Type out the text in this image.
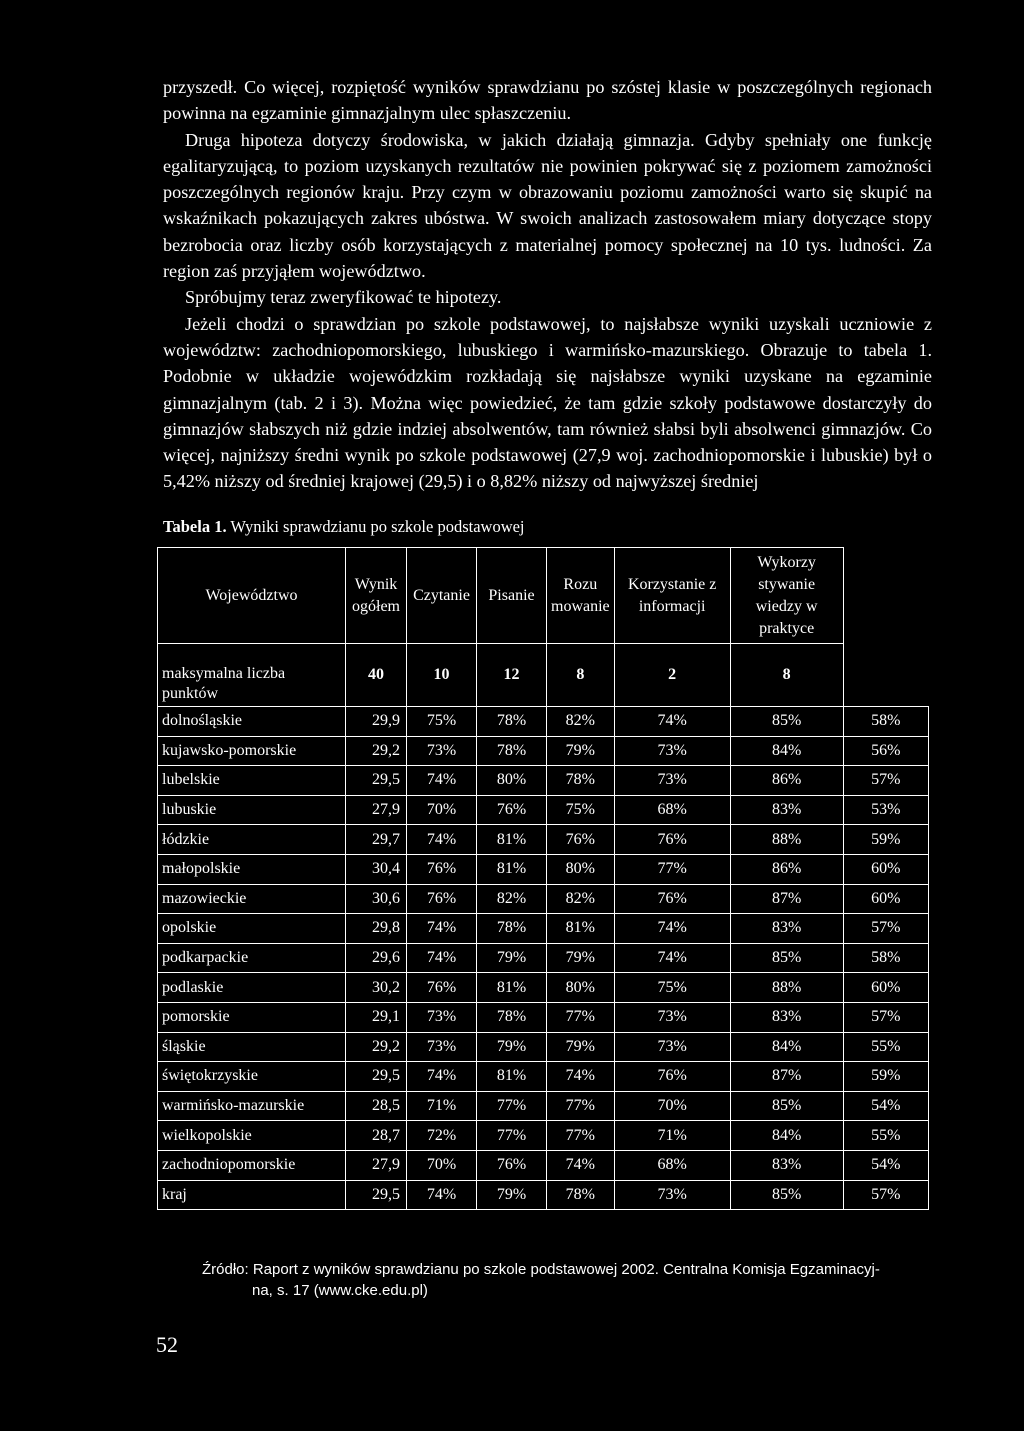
przyszedł. Co więcej, rozpiętość wyników sprawdzianu po szóstej klasie w poszczególnych regionach powinna na egzaminie gimnazjalnym ulec spłaszczeniu.

Druga hipoteza dotyczy środowiska, w jakich działają gimnazja. Gdyby spełniały one funkcję egalitaryzującą, to poziom uzyskanych rezultatów nie powinien pokrywać się z poziomem zamożności poszczególnych regionów kraju. Przy czym w obrazowaniu poziomu zamożności warto się skupić na wskaźnikach pokazujących zakres ubóstwa. W swoich analizach zastosowałem miary dotyczące stopy bezrobocia oraz liczby osób korzystających z materialnej pomocy społecznej na 10 tys. ludności. Za region zaś przyjąłem województwo.

Spróbujmy teraz zweryfikować te hipotezy.

Jeżeli chodzi o sprawdzian po szkole podstawowej, to najsłabsze wyniki uzyskali uczniowie z województw: zachodniopomorskiego, lubuskiego i warmińsko-mazurskiego. Obrazuje to tabela 1. Podobnie w układzie wojewódzkim rozkładają się najsłabsze wyniki uzyskane na egzaminie gimnazjalnym (tab. 2 i 3). Można więc powiedzieć, że tam gdzie szkoły podstawowe dostarczyły do gimnazjów słabszych niż gdzie indziej absolwentów, tam również słabsi byli absolwenci gimnazjów. Co więcej, najniższy średni wynik po szkole podstawowej (27,9 woj. zachodniopomorskie i lubuskie) był o 5,42% niższy od średniej krajowej (29,5) i o 8,82% niższy od najwyższej średniej

Tabela 1. Wyniki sprawdzianu po szkole podstawowej
Województwo	Wynik ogółem	Czytanie	Pisanie	Rozu mowanie	Korzystanie z informacji	Wykorzy stywanie wiedzy w praktyce	
maksymalna liczba punktów	40	10	12	8	2	8	
dolnośląskie	29,9	75%	78%	82%	74%	85%	58%
kujawsko-pomorskie	29,2	73%	78%	79%	73%	84%	56%
lubelskie	29,5	74%	80%	78%	73%	86%	57%
lubuskie	27,9	70%	76%	75%	68%	83%	53%
łódzkie	29,7	74%	81%	76%	76%	88%	59%
małopolskie	30,4	76%	81%	80%	77%	86%	60%
mazowieckie	30,6	76%	82%	82%	76%	87%	60%
opolskie	29,8	74%	78%	81%	74%	83%	57%
podkarpackie	29,6	74%	79%	79%	74%	85%	58%
podlaskie	30,2	76%	81%	80%	75%	88%	60%
pomorskie	29,1	73%	78%	77%	73%	83%	57%
śląskie	29,2	73%	79%	79%	73%	84%	55%
świętokrzyskie	29,5	74%	81%	74%	76%	87%	59%
warmińsko-mazurskie	28,5	71%	77%	77%	70%	85%	54%
wielkopolskie	28,7	72%	77%	77%	71%	84%	55%
zachodniopomorskie	27,9	70%	76%	74%	68%	83%	54%
kraj	29,5	74%	79%	78%	73%	85%	57%
Źródło: Raport z wyników sprawdzianu po szkole podstawowej 2002. Centralna Komisja Egzaminacyj-
na, s. 17 (www.cke.edu.pl)
52
